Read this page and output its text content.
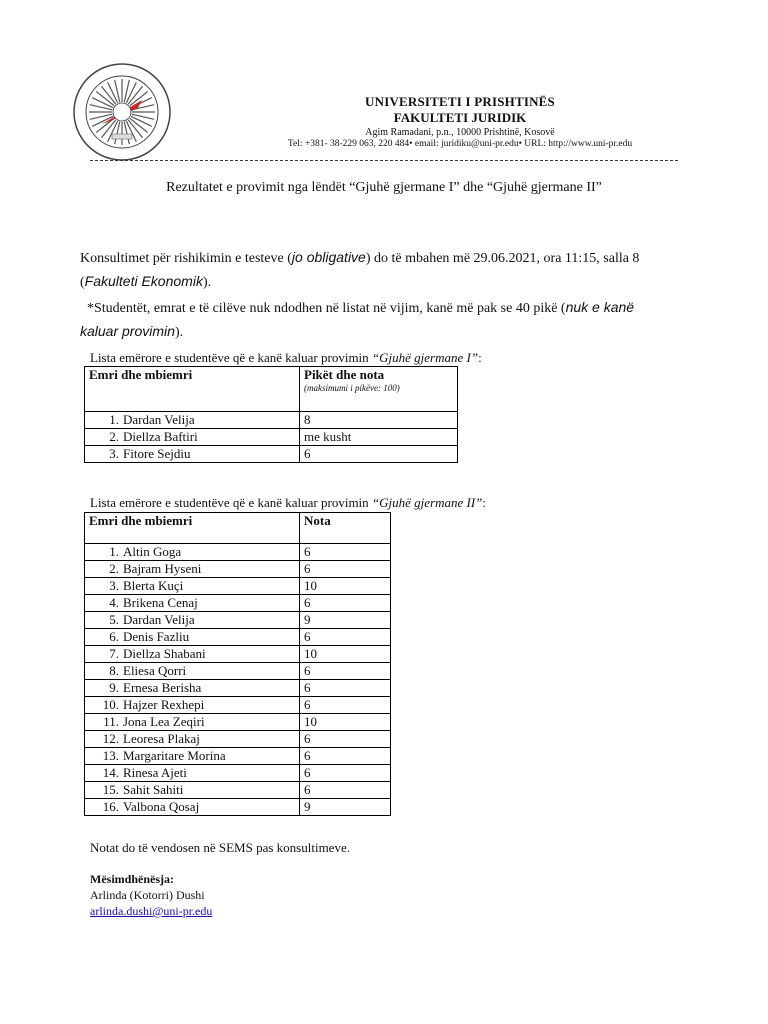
UNIVERSITETI I PRISHTINËS
FAKULTETI JURIDIK
Agim Ramadani, p.n., 10000 Prishtinë, Kosovë
Tel: +381- 38-229 063, 220 484• email: juridiku@uni-pr.edu• URL: http://www.uni-pr.edu
Rezultatet e provimit nga lëndët “Gjuhë gjermane I” dhe “Gjuhë gjermane II”
Konsultimet për rishikimin e testeve (jo obligative) do të mbahen më 29.06.2021, ora 11:15, salla 8
(Fakulteti Ekonomik).
*Studentët, emrat e të cilëve nuk ndodhen në listat në vijim, kanë më pak se 40 pikë (nuk e kanë
kaluar provimin).
Lista emërore e studentëve që e kanë kaluar provimin “Gjuhë gjermane I”:
Emri dhe mbiemri	Pikët dhe nota
(maksimumi i pikëve: 100)

1. Dardan Velija	8
2. Diellza Baftiri	me kusht
3. Fitore Sejdiu	6
Lista emërore e studentëve që e kanë kaluar provimin “Gjuhë gjermane II”:
Emri dhe mbiemri	Nota
1. Altin Goga	6
2. Bajram Hyseni	6
3. Blerta Kuçi	10
4. Brikena Cenaj	6
5. Dardan Velija	9
6. Denis Fazliu	6
7. Diellza Shabani	10
8. Eliesa Qorri	6
9. Ernesa Berisha	6
10. Hajzer Rexhepi	6
11. Jona Lea Zeqiri	10
12. Leoresa Plakaj	6
13. Margaritare Morina	6
14. Rinesa Ajeti	6
15. Sahit Sahiti	6
16. Valbona Qosaj	9
Notat do të vendosen në SEMS pas konsultimeve.
Mësimdhënësja:
Arlinda (Kotorri) Dushi
arlinda.dushi@uni-pr.edu
